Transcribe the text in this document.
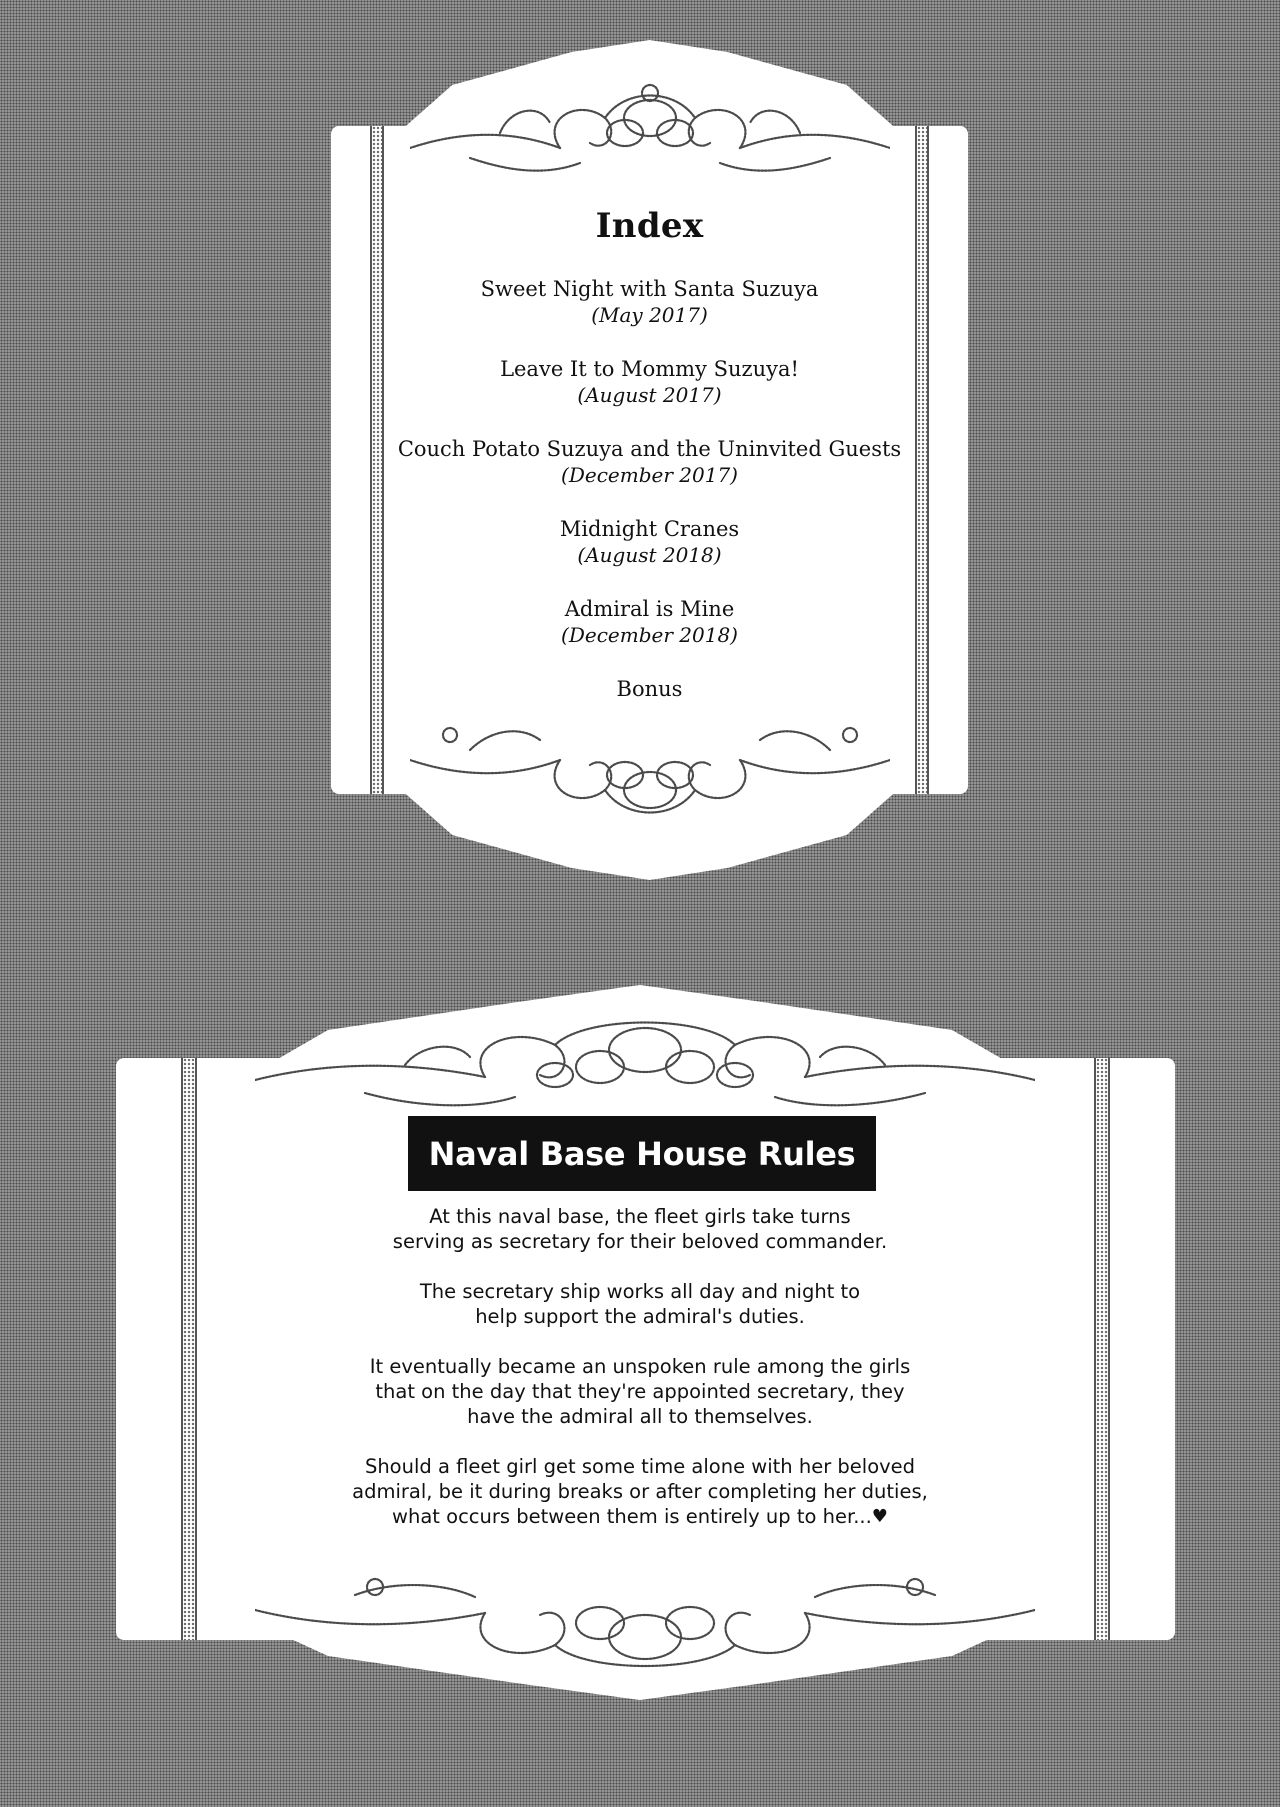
Index
Sweet Night with Santa Suzuya
(May 2017)
Leave It to Mommy Suzuya!
(August 2017)
Couch Potato Suzuya and the Uninvited Guests
(December 2017)
Midnight Cranes
(August 2018)
Admiral is Mine
(December 2018)
Bonus
Naval Base House Rules

At this naval base, the fleet girls take turns
serving as secretary for their beloved commander.

The secretary ship works all day and night to
help support the admiral's duties.

It eventually became an unspoken rule among the girls
that on the day that they're appointed secretary, they
have the admiral all to themselves.

Should a fleet girl get some time alone with her beloved
admiral, be it during breaks or after completing her duties,
what occurs between them is entirely up to her...♥
